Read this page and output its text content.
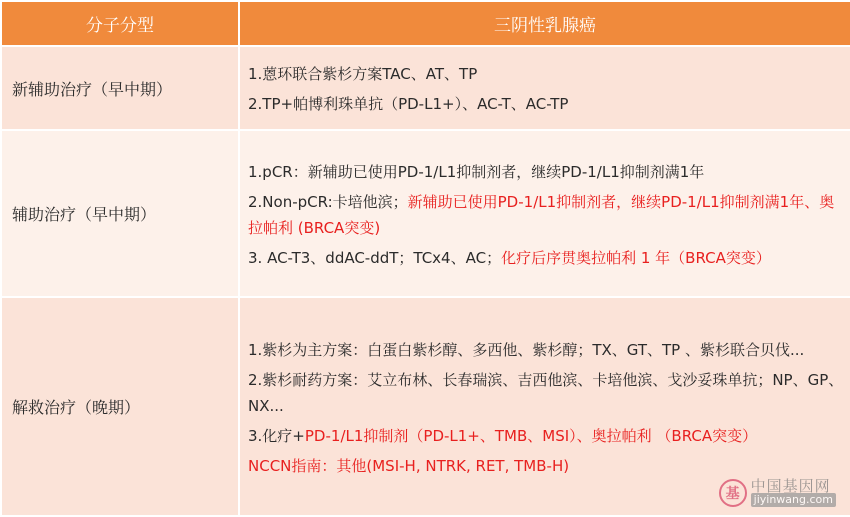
分子分型	三阴性乳腺癌
新辅助治疗（早中期）	1.蒽环联合紫杉方案TAC、AT、TP
2.TP+帕博利珠单抗（PD-L1+）、AC-T、AC-TP

辅助治疗（早中期）	1.pCR：新辅助已使用PD-1/L1抑制剂者，继续PD-1/L1抑制剂满1年
2.Non-pCR:卡培他滨；新辅助已使用PD-1/L1抑制剂者，继续PD-1/L1抑制剂满1年、奥拉帕利 (BRCA突变)
3. AC-T3、ddAC-ddT；TCx4、AC；化疗后序贯奥拉帕利 1 年（BRCA突变）

解救治疗（晚期）	1.紫杉为主方案：白蛋白紫杉醇、多西他、紫杉醇；TX、GT、TP 、紫杉联合贝伐...
2.紫杉耐药方案：艾立布林、长春瑞滨、吉西他滨、卡培他滨、戈沙妥珠单抗；NP、GP、NX...
3.化疗+PD-1/L1抑制剂（PD-L1+、TMB、MSI）、奥拉帕利 （BRCA突变）
NCCN指南：其他(MSI-H, NTRK, RET, TMB-H)
基 中国基因网
jiyinwang.com
